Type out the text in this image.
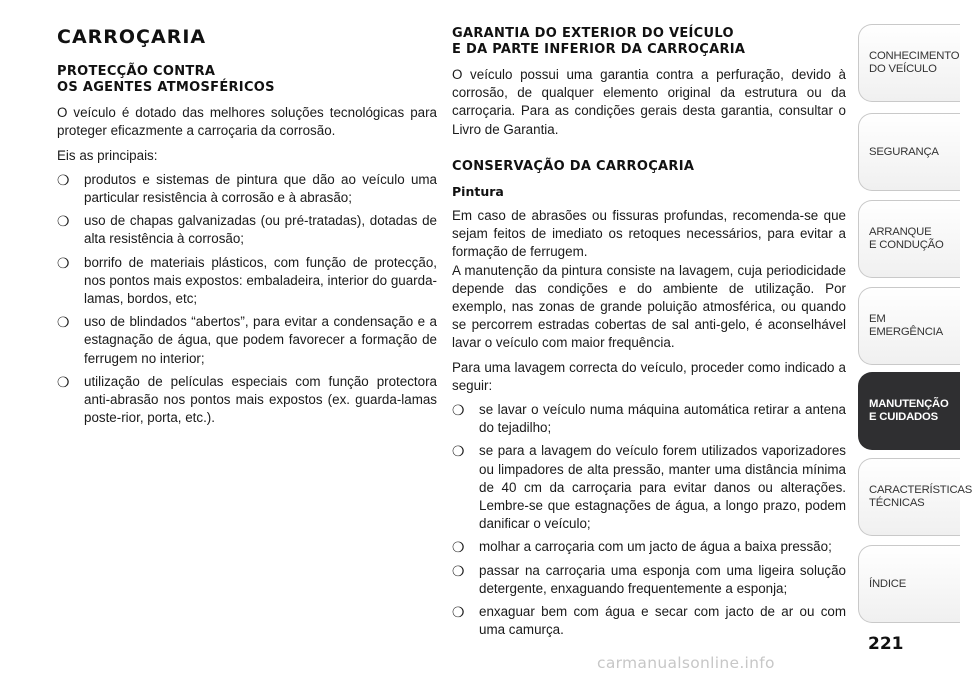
CARROÇARIA
PROTECÇÃO CONTRA
OS AGENTES ATMOSFÉRICOS

O veículo é dotado das melhores soluções tecnológicas para proteger eficazmente a carroçaria da corrosão.

Eis as principais:

❍ produtos e sistemas de pintura que dão ao veículo uma particular resistência à corrosão e à abrasão;
❍ uso de chapas galvanizadas (ou pré-tratadas), dotadas de alta resistência à corrosão;
❍ borrifo de materiais plásticos, com função de protecção, nos pontos mais expostos: embaladeira, interior do guarda-lamas, bordos, etc;
❍ uso de blindados “abertos”, para evitar a condensação e a estagnação de água, que podem favorecer a formação de ferrugem no interior;
❍ utilização de películas especiais com função protectora anti-abrasão nos pontos mais expostos (ex. guarda-lamas poste-rior, porta, etc.).
GARANTIA DO EXTERIOR DO VEÍCULO
E DA PARTE INFERIOR DA CARROÇARIA

O veículo possui uma garantia contra a perfuração, devido à corrosão, de qualquer elemento original da estrutura ou da carroçaria. Para as condições gerais desta garantia, consultar o Livro de Garantia.

CONSERVAÇÃO DA CARROÇARIA
Pintura

Em caso de abrasões ou fissuras profundas, recomenda-se que sejam feitos de imediato os retoques necessários, para evitar a formação de ferrugem.

A manutenção da pintura consiste na lavagem, cuja periodicidade depende das condições e do ambiente de utilização. Por exemplo, nas zonas de grande poluição atmosférica, ou quando se percorrem estradas cobertas de sal anti-gelo, é aconselhável lavar o veículo com maior frequência.

Para uma lavagem correcta do veículo, proceder como indicado a seguir:

❍ se lavar o veículo numa máquina automática retirar a antena do tejadilho;
❍ se para a lavagem do veículo forem utilizados vaporizadores ou limpadores de alta pressão, manter uma distância mínima de 40 cm da carroçaria para evitar danos ou alterações. Lembre-se que estagnações de água, a longo prazo, podem danificar o veículo;
❍ molhar a carroçaria com um jacto de água a baixa pressão;
❍ passar na carroçaria uma esponja com uma ligeira solução detergente, enxaguando frequentemente a esponja;
❍ enxaguar bem com água e secar com jacto de ar ou com uma camurça.
CONHECIMENTO
DO VEÍCULO
SEGURANÇA
ARRANQUE
E CONDUÇÃO
EM EMERGÊNCIA
MANUTENÇÃO
E CUIDADOS
CARACTERÍSTICAS
TÉCNICAS
ÍNDICE
221
carmanualsonline.info
